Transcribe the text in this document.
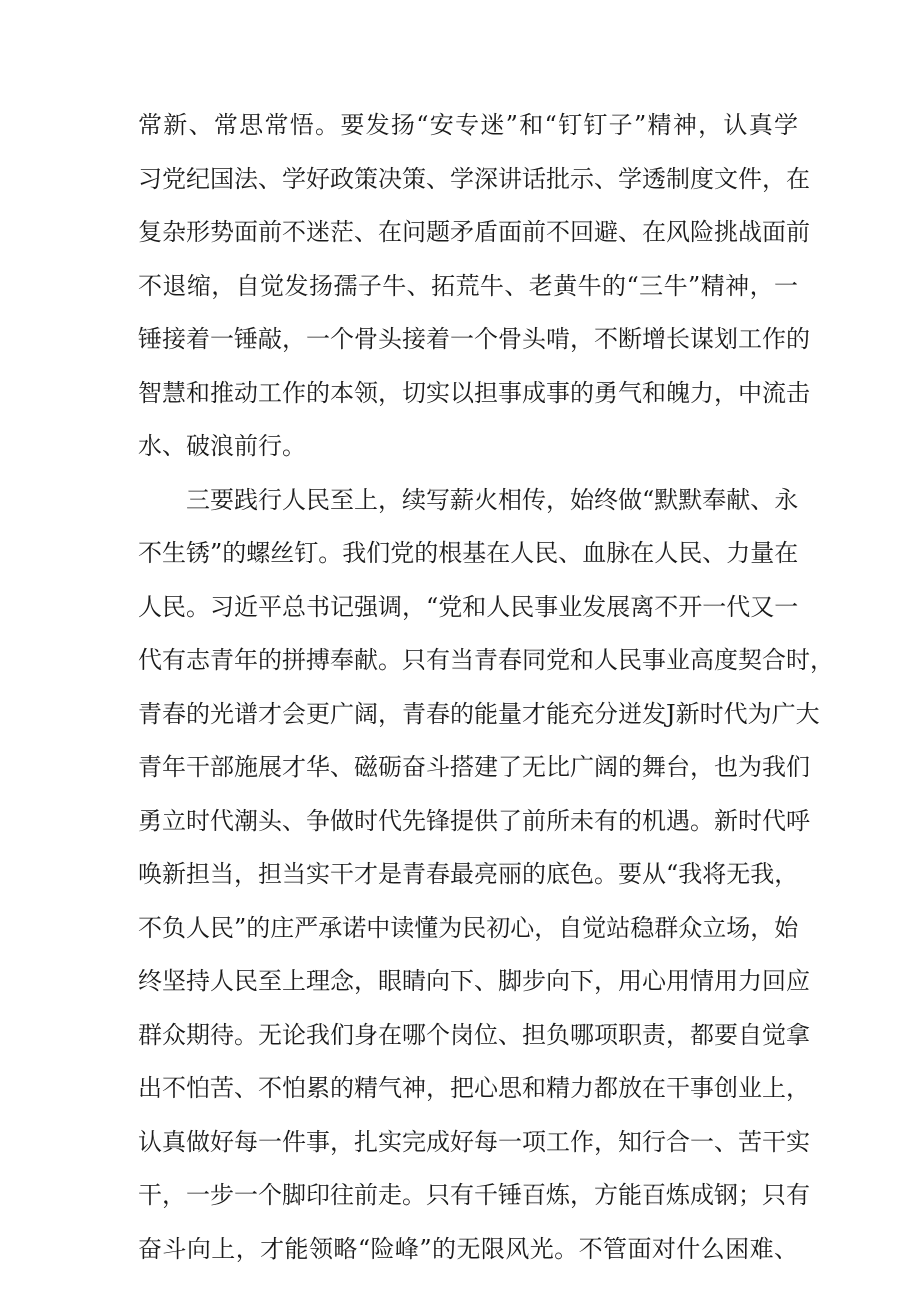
常新、常思常悟。要发扬“安专迷”和“钉钉子”精神，认真学

习党纪国法、学好政策决策、学深讲话批示、学透制度文件，在

复杂形势面前不迷茫、在问题矛盾面前不回避、在风险挑战面前

不退缩，自觉发扬孺子牛、拓荒牛、老黄牛的“三牛”精神，一

锤接着一锤敲，一个骨头接着一个骨头啃，不断增长谋划工作的

智慧和推动工作的本领，切实以担事成事的勇气和魄力，中流击

水、破浪前行。

三要践行人民至上，续写薪火相传，始终做“默默奉献、永

不生锈”的螺丝钉。我们党的根基在人民、血脉在人民、力量在

人民。习近平总书记强调，“党和人民事业发展离不开一代又一

代有志青年的拼搏奉献。只有当青春同党和人民事业高度契合时，

青春的光谱才会更广阔，青春的能量才能充分迸发J新时代为广大

青年干部施展才华、磁砺奋斗搭建了无比广阔的舞台，也为我们

勇立时代潮头、争做时代先锋提供了前所未有的机遇。新时代呼

唤新担当，担当实干才是青春最亮丽的底色。要从“我将无我，

不负人民”的庄严承诺中读懂为民初心，自觉站稳群众立场，始

终坚持人民至上理念，眼睛向下、脚步向下，用心用情用力回应

群众期待。无论我们身在哪个岗位、担负哪项职责，都要自觉拿

出不怕苦、不怕累的精气神，把心思和精力都放在干事创业上，

认真做好每一件事，扎实完成好每一项工作，知行合一、苦干实

干，一步一个脚印往前走。只有千锤百炼，方能百炼成钢；只有

奋斗向上，才能领略“险峰”的无限风光。不管面对什么困难、
